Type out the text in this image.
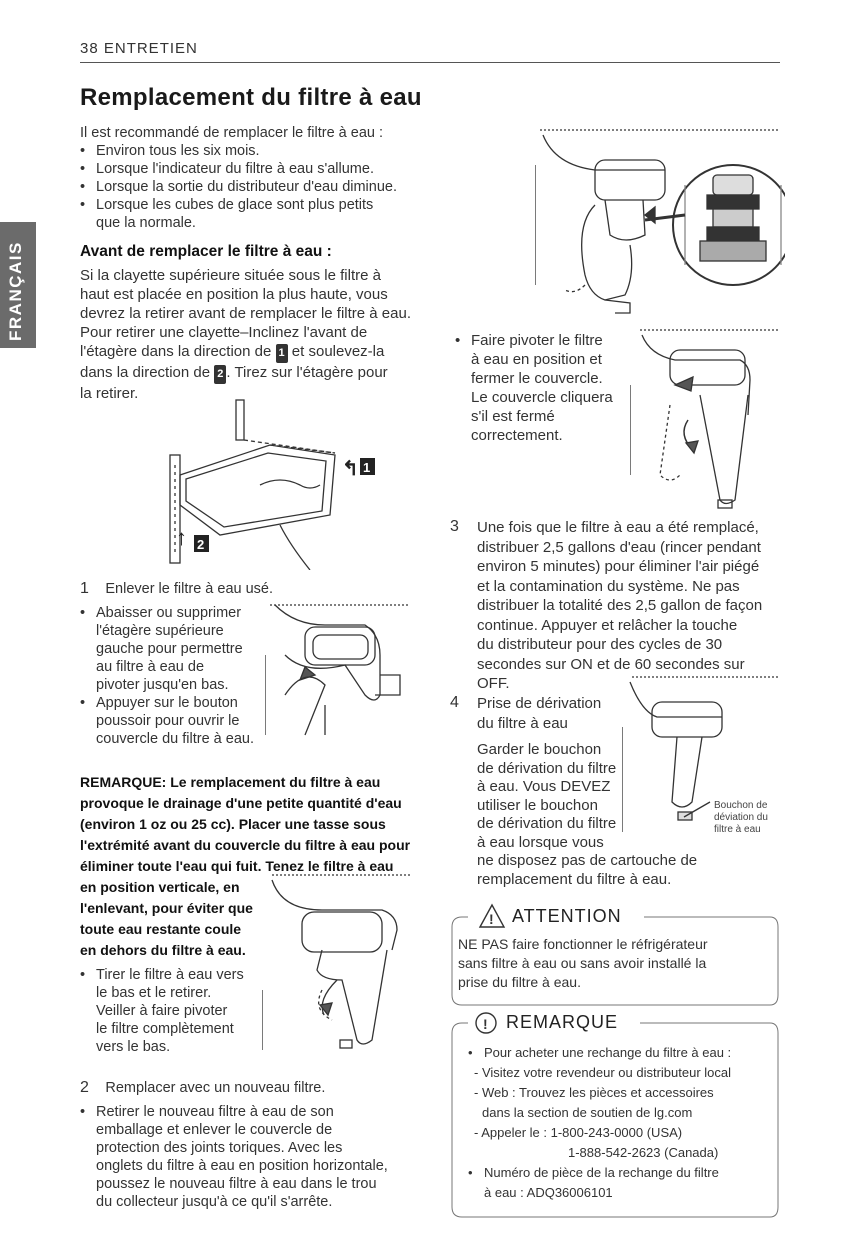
38 ENTRETIEN
FRANÇAIS
Remplacement du filtre à eau
Il est recommandé de remplacer le filtre à eau :
• Environ tous les six mois.
• Lorsque l'indicateur du filtre à eau s'allume.
• Lorsque la sortie du distributeur d'eau diminue.
• Lorsque les cubes de glace sont plus petits
que la normale.
Avant de remplacer le filtre à eau :
Si la clayette supérieure située sous le filtre à
haut est placée en position la plus haute, vous
devrez la retirer avant de remplacer le filtre à eau.
Pour retirer une clayette–Inclinez l'avant de
l'étagère dans la direction de 1 et soulevez-la
dans la direction de 2 . Tirez sur l'étagère pour
la retirer.
↰ 1
↑ 2
1 Enlever le filtre à eau usé.
• Abaisser ou supprimer
l'étagère supérieure
gauche pour permettre
au filtre à eau de
pivoter jusqu'en bas.
• Appuyer sur le bouton
poussoir pour ouvrir le
couvercle du filtre à eau.
REMARQUE: Le remplacement du filtre à eau
provoque le drainage d'une petite quantité d'eau
(environ 1 oz ou 25 cc). Placer une tasse sous
l'extrémité avant du couvercle du filtre à eau pour
éliminer toute l'eau qui fuit. Tenez le filtre à eau
en position verticale, en
l'enlevant, pour éviter que
toute eau restante coule
en dehors du filtre à eau.
• Tirer le filtre à eau vers
le bas et le retirer.
Veiller à faire pivoter
le filtre complètement
vers le bas.
2 Remplacer avec un nouveau filtre.
• Retirer le nouveau filtre à eau de son
emballage et enlever le couvercle de
protection des joints toriques. Avec les
onglets du filtre à eau en position horizontale,
poussez le nouveau filtre à eau dans le trou
du collecteur jusqu'à ce qu'il s'arrête.
• Faire pivoter le filtre
à eau en position et
fermer le couvercle.
Le couvercle cliquera
s'il est fermé
correctement.
3 Une fois que le filtre à eau a été remplacé,
distribuer 2,5 gallons d'eau (rincer pendant
environ 5 minutes) pour éliminer l'air piégé
et la contamination du système. Ne pas
distribuer la totalité des 2,5 gallon de façon
continue. Appuyer et relâcher la touche
du distributeur pour des cycles de 30
secondes sur ON et de 60 secondes sur
OFF.
4 Prise de dérivation
du filtre à eau
Garder le bouchon
de dérivation du filtre
à eau. Vous DEVEZ
utiliser le bouchon
de dérivation du filtre
à eau lorsque vous
ne disposez pas de cartouche de
remplacement du filtre à eau.
Bouchon de
déviation du
filtre à eau
! ATTENTION
NE PAS faire fonctionner le réfrigérateur
sans filtre à eau ou sans avoir installé la
prise du filtre à eau.
! REMARQUE
• Pour acheter une rechange du filtre à eau :
- Visitez votre revendeur ou distributeur local
- Web : Trouvez les pièces et accessoires
dans la section de soutien de lg.com
- Appeler le : 1-800-243-0000 (USA)
1-888-542-2623 (Canada)
• Numéro de pièce de la rechange du filtre
à eau : ADQ36006101
